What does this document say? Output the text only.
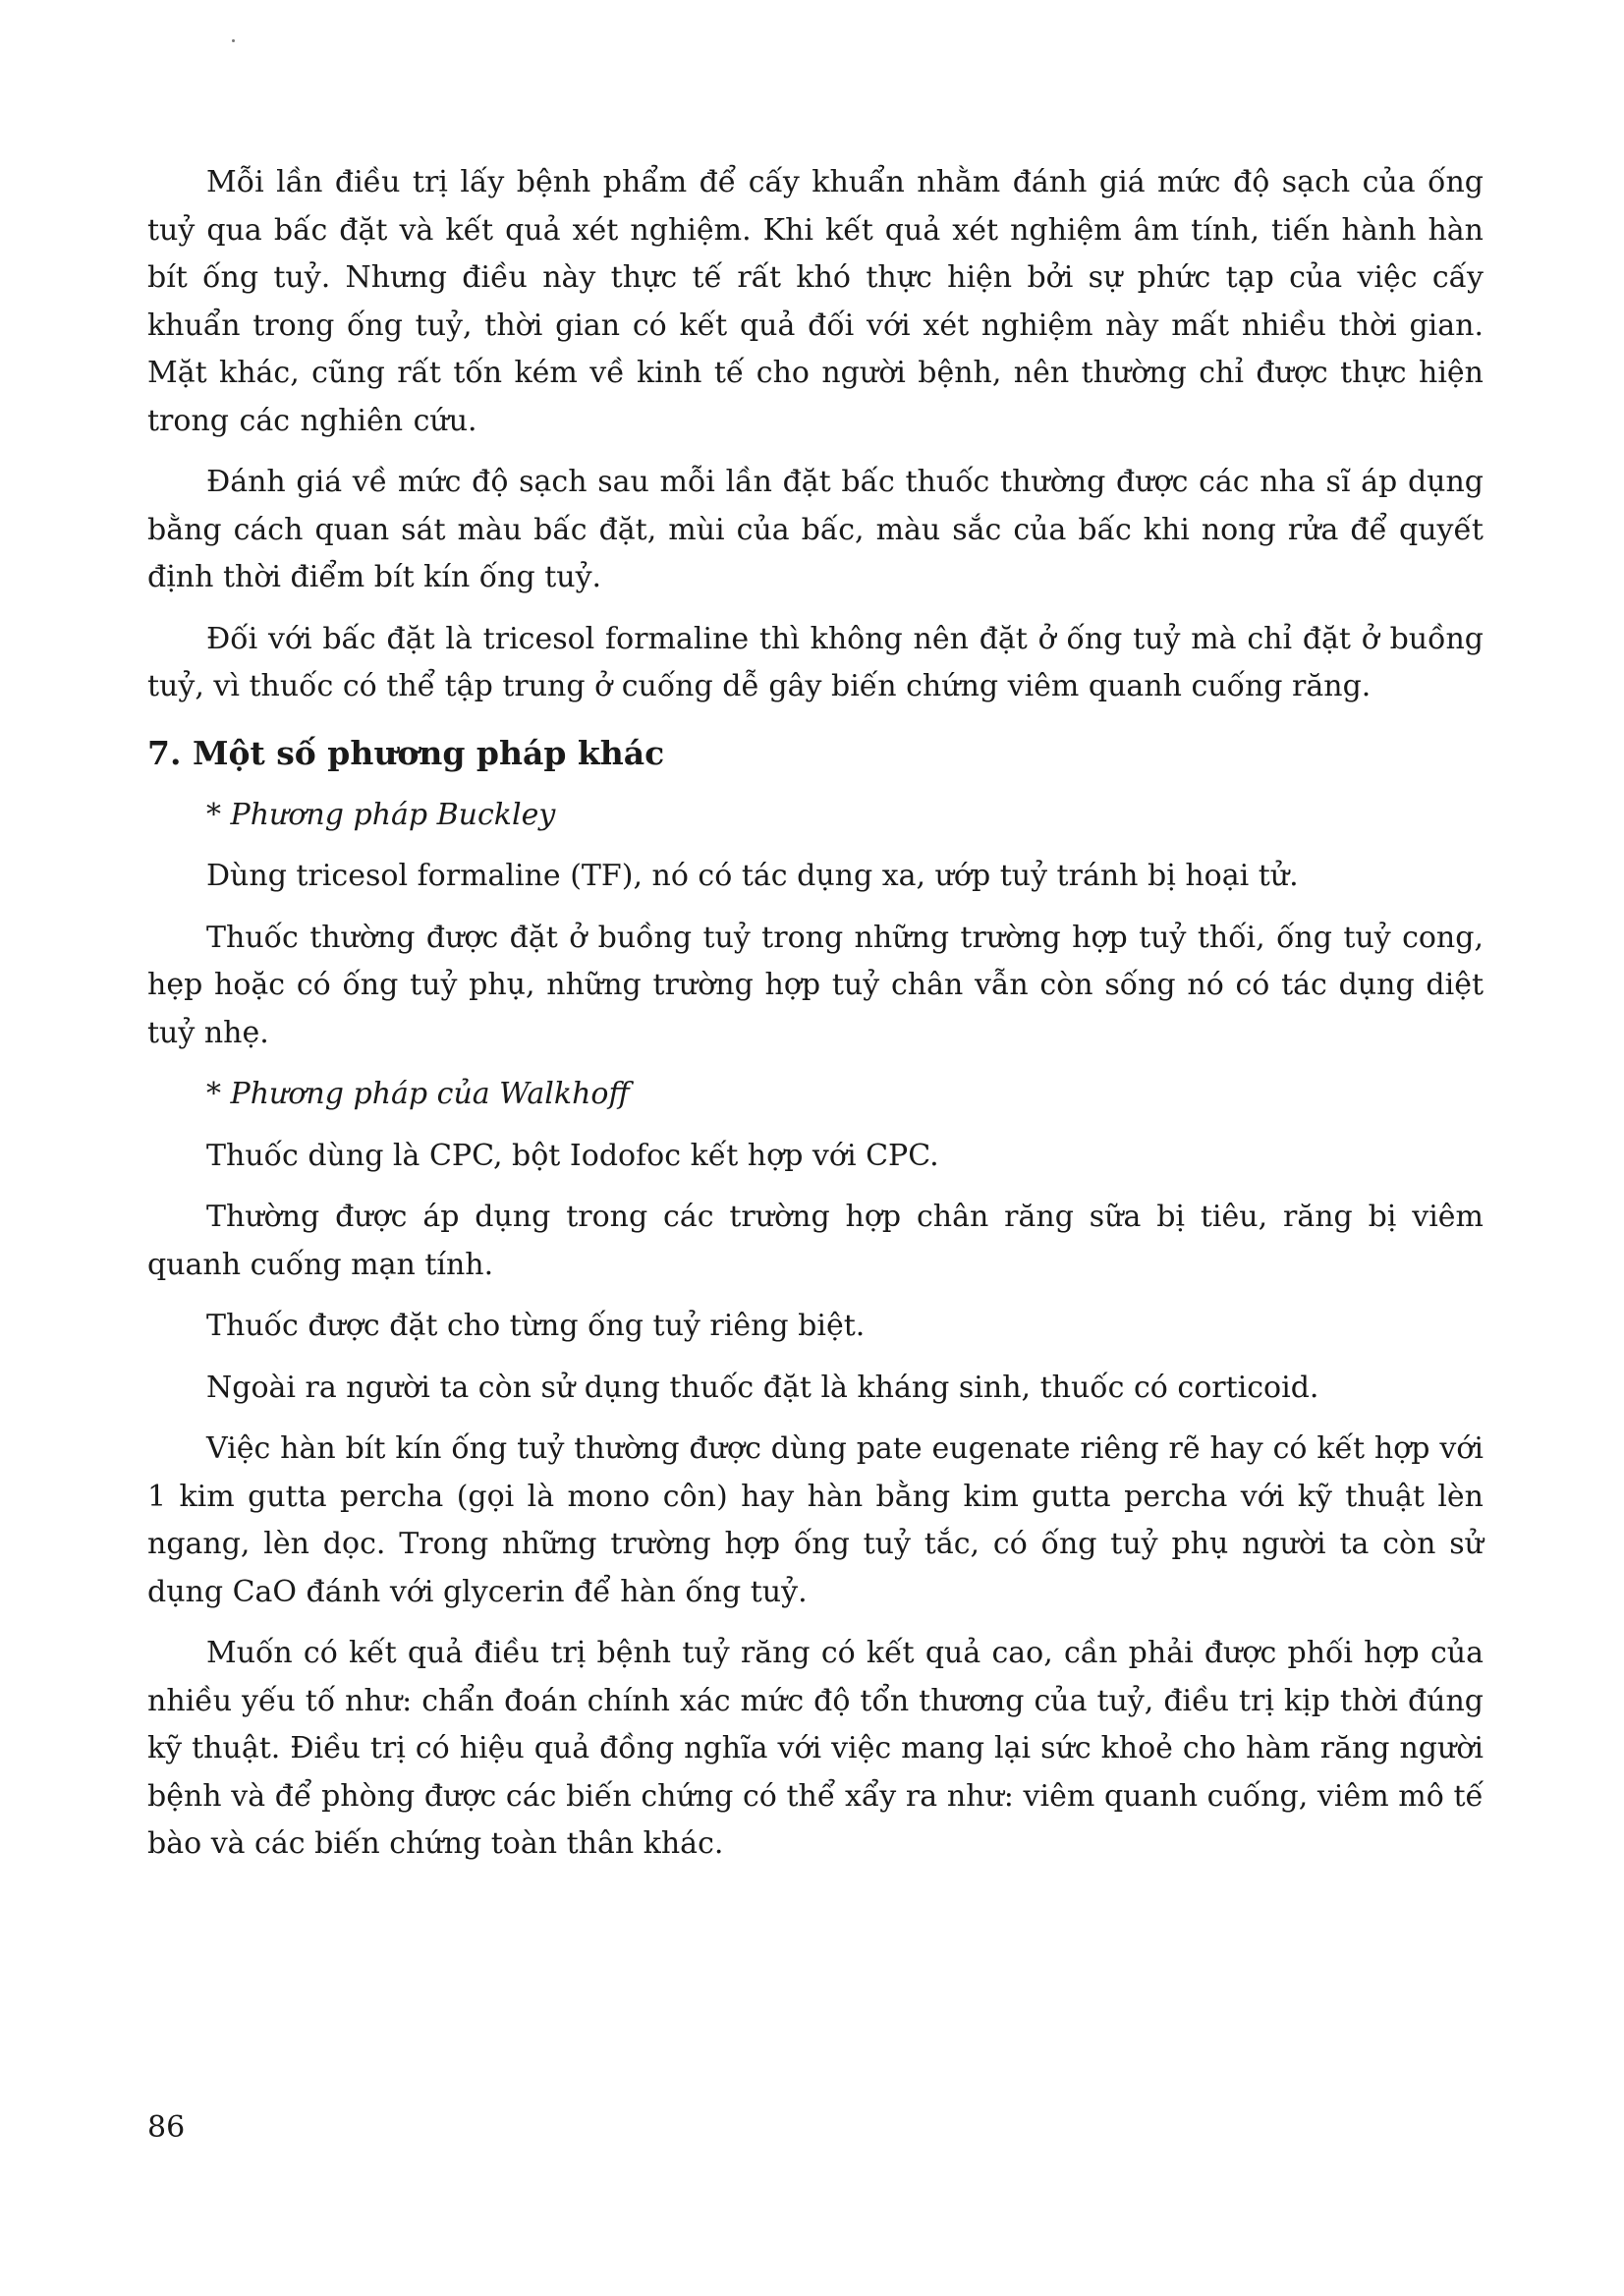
Mỗi lần điều trị lấy bệnh phẩm để cấy khuẩn nhằm đánh giá mức độ sạch của ống tuỷ qua bấc đặt và kết quả xét nghiệm. Khi kết quả xét nghiệm âm tính, tiến hành hàn bít ống tuỷ. Nhưng điều này thực tế rất khó thực hiện bởi sự phức tạp của việc cấy khuẩn trong ống tuỷ, thời gian có kết quả đối với xét nghiệm này mất nhiều thời gian. Mặt khác, cũng rất tốn kém về kinh tế cho người bệnh, nên thường chỉ được thực hiện trong các nghiên cứu.

Đánh giá về mức độ sạch sau mỗi lần đặt bấc thuốc thường được các nha sĩ áp dụng bằng cách quan sát màu bấc đặt, mùi của bấc, màu sắc của bấc khi nong rửa để quyết định thời điểm bít kín ống tuỷ.

Đối với bấc đặt là tricesol formaline thì không nên đặt ở ống tuỷ mà chỉ đặt ở buồng tuỷ, vì thuốc có thể tập trung ở cuống dễ gây biến chứng viêm quanh cuống răng.

7. Một số phương pháp khác

* Phương pháp Buckley

Dùng tricesol formaline (TF), nó có tác dụng xa, ướp tuỷ tránh bị hoại tử.

Thuốc thường được đặt ở buồng tuỷ trong những trường hợp tuỷ thối, ống tuỷ cong, hẹp hoặc có ống tuỷ phụ, những trường hợp tuỷ chân vẫn còn sống nó có tác dụng diệt tuỷ nhẹ.

* Phương pháp của Walkhoff

Thuốc dùng là CPC, bột Iodofoc kết hợp với CPC.

Thường được áp dụng trong các trường hợp chân răng sữa bị tiêu, răng bị viêm quanh cuống mạn tính.

Thuốc được đặt cho từng ống tuỷ riêng biệt.

Ngoài ra người ta còn sử dụng thuốc đặt là kháng sinh, thuốc có corticoid.

Việc hàn bít kín ống tuỷ thường được dùng pate eugenate riêng rẽ hay có kết hợp với 1 kim gutta percha (gọi là mono côn) hay hàn bằng kim gutta percha với kỹ thuật lèn ngang, lèn dọc. Trong những trường hợp ống tuỷ tắc, có ống tuỷ phụ người ta còn sử dụng CaO đánh với glycerin để hàn ống tuỷ.

Muốn có kết quả điều trị bệnh tuỷ răng có kết quả cao, cần phải được phối hợp của nhiều yếu tố như: chẩn đoán chính xác mức độ tổn thương của tuỷ, điều trị kịp thời đúng kỹ thuật. Điều trị có hiệu quả đồng nghĩa với việc mang lại sức khoẻ cho hàm răng người bệnh và để phòng được các biến chứng có thể xẩy ra như: viêm quanh cuống, viêm mô tế bào và các biến chứng toàn thân khác.

86
